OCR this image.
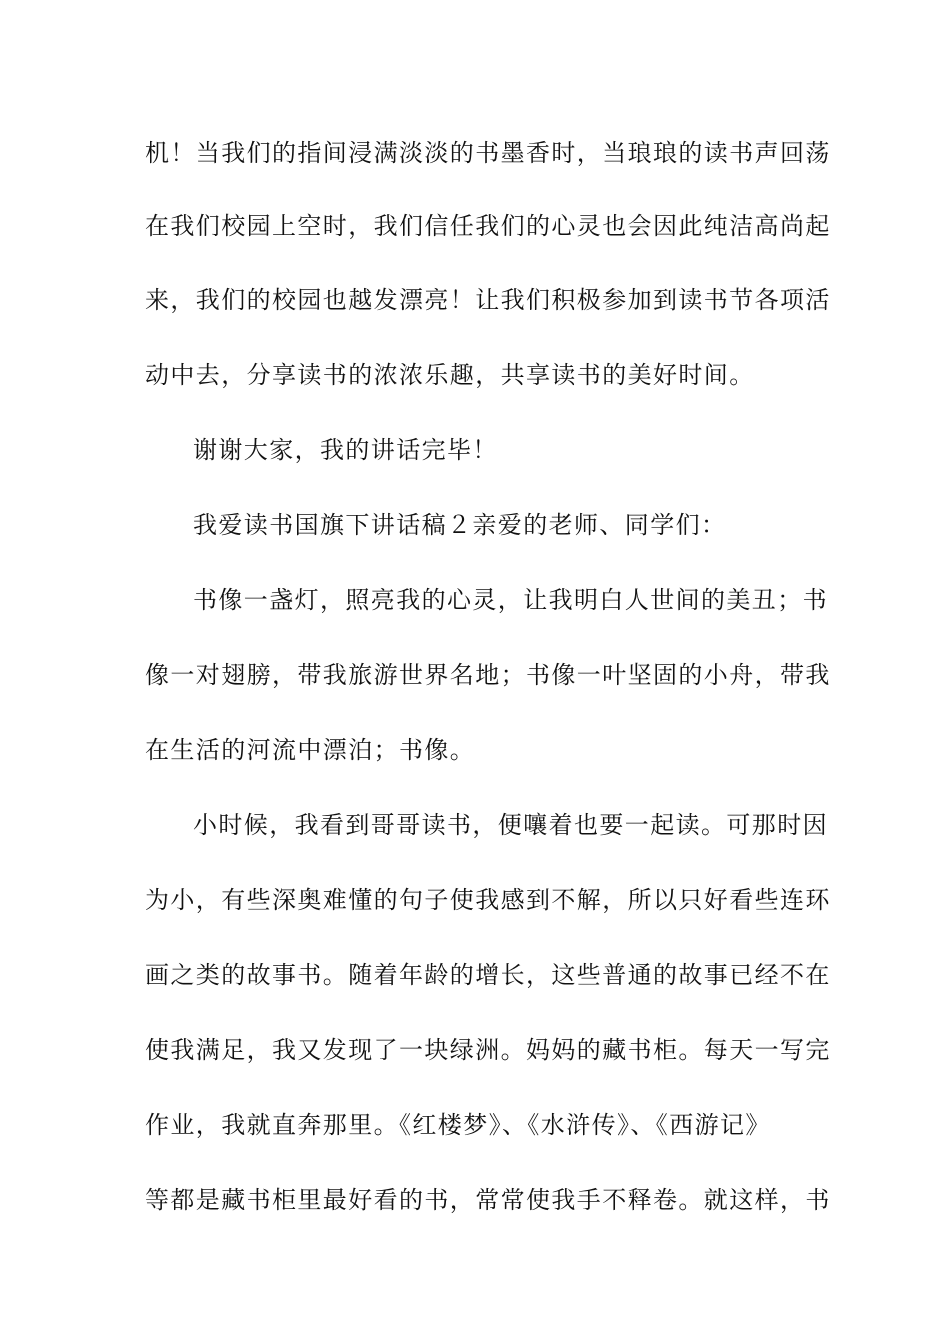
机！当我们的指间浸满淡淡的书墨香时，当琅琅的读书声回荡
在我们校园上空时，我们信任我们的心灵也会因此纯洁高尚起
来，我们的校园也越发漂亮！让我们积极参加到读书节各项活
动中去，分享读书的浓浓乐趣，共享读书的美好时间。
谢谢大家，我的讲话完毕！
我爱读书国旗下讲话稿２亲爱的老师、同学们：
书像一盏灯，照亮我的心灵，让我明白人世间的美丑；书
像一对翅膀，带我旅游世界名地；书像一叶坚固的小舟，带我
在生活的河流中漂泊；书像。
小时候，我看到哥哥读书，便嚷着也要一起读。可那时因
为小，有些深奥难懂的句子使我感到不解，所以只好看些连环
画之类的故事书。随着年龄的增长，这些普通的故事已经不在
使我满足，我又发现了一块绿洲。妈妈的藏书柜。每天一写完
作业，我就直奔那里。《红楼梦》、《水浒传》、《西游记》
等都是藏书柜里最好看的书，常常使我手不释卷。就这样，书
